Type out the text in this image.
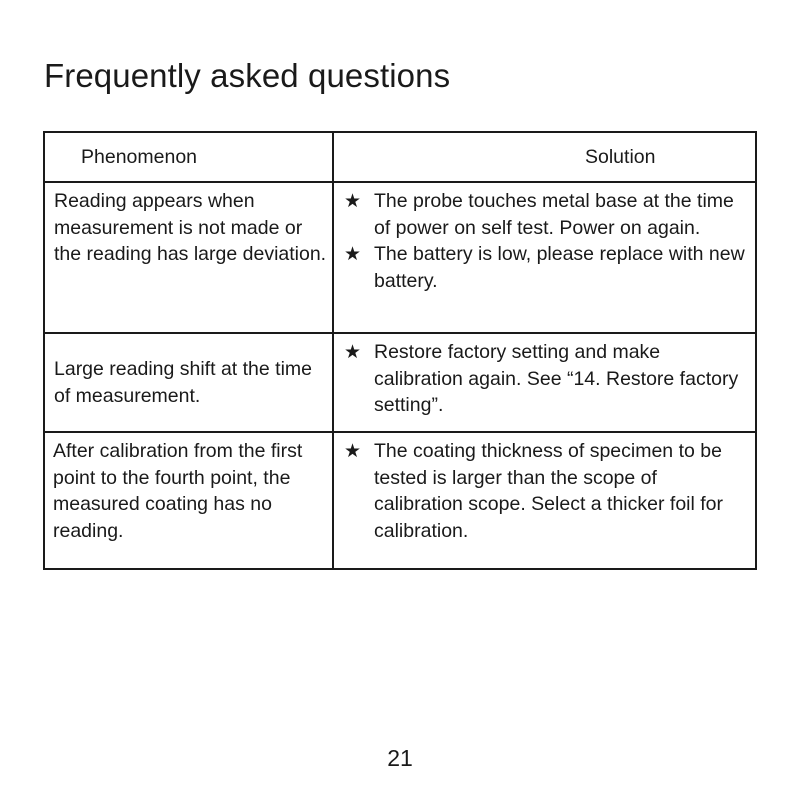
Frequently asked questions
Phenomenon	Solution
Reading appears when measurement is not made or the reading has large deviation.	★ The probe touches metal base at the time of power on self test. Power on again.
★ The battery is low, please replace with new battery.

Large reading shift at the time of measurement.	★ Restore factory setting and make calibration again. See “14. Restore factory setting”.

After calibration from the first point to the fourth point, the measured coating has no reading.	★ The coating thickness of specimen to be tested is larger than the scope of calibration scope. Select a thicker foil for calibration.
21
